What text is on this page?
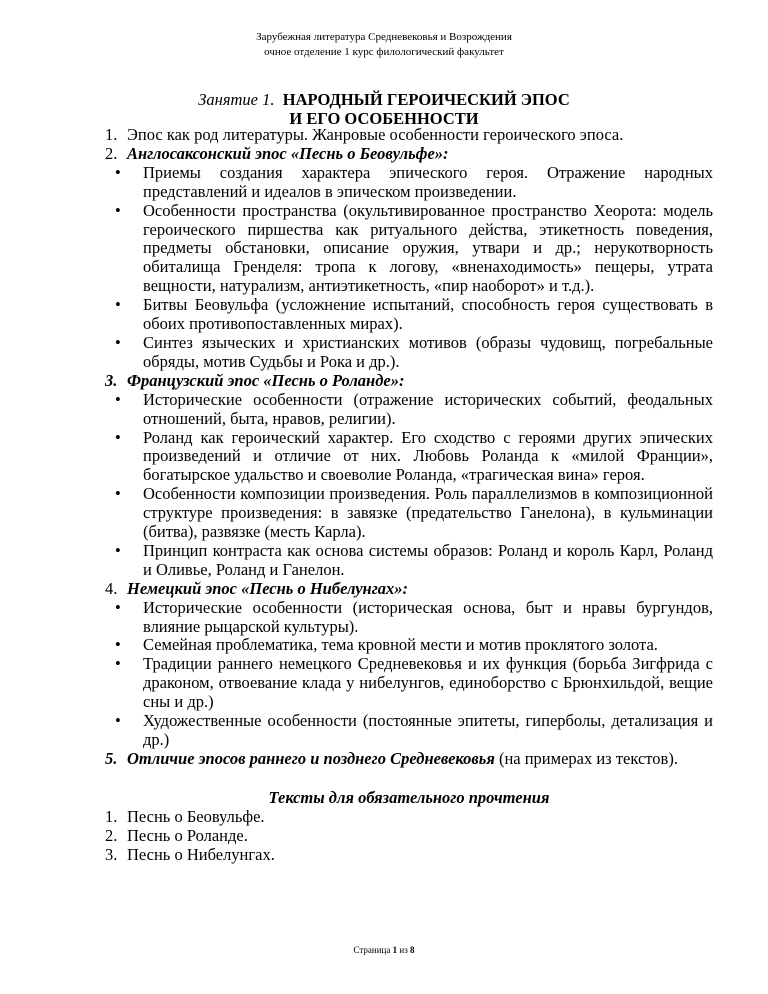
Зарубежная литература Средневековья и Возрождения
очное отделение 1 курс филологический факультет
Занятие 1. НАРОДНЫЙ ГЕРОИЧЕСКИЙ ЭПОС
И ЕГО ОСОБЕННОСТИ
1. Эпос как род литературы. Жанровые особенности героического эпоса.
2. Англосаксонский эпос «Песнь о Беовульфе»:
•	Приемы создания характера эпического героя. Отражение народных представлений и идеалов в эпическом произведении.
•	Особенности пространства (окультивированное пространство Хеорота: модель героического пиршества как ритуального действа, этикетность поведения, предметы обстановки, описание оружия, утвари и др.; нерукотворность обиталища Гренделя: тропа к логову, «вненаходимость» пещеры, утрата вещности, натурализм, антиэтикетность, «пир наоборот» и т.д.).
•	Битвы Беовульфа (усложнение испытаний, способность героя существовать в обоих противопоставленных мирах).
•	Синтез языческих и христианских мотивов (образы чудовищ, погребальные обряды, мотив Судьбы и Рока и др.).
3. Французский эпос «Песнь о Роланде»:
•	Исторические особенности (отражение исторических событий, феодальных отношений, быта, нравов, религии).
•	Роланд как героический характер. Его сходство с героями других эпических произведений и отличие от них. Любовь Роланда к «милой Франции», богатырское удальство и своеволие Роланда, «трагическая вина» героя.
•	Особенности композиции произведения. Роль параллелизмов в композиционной структуре произведения: в завязке (предательство Ганелона), в кульминации (битва), развязке (месть Карла).
•	Принцип контраста как основа системы образов: Роланд и король Карл, Роланд и Оливье, Роланд и Ганелон.
4. Немецкий эпос «Песнь о Нибелунгах»:
•	Исторические особенности (историческая основа, быт и нравы бургундов, влияние рыцарской культуры).
•	Семейная проблематика, тема кровной мести и мотив проклятого золота.
•	Традиции раннего немецкого Средневековья и их функция (борьба Зигфрида с драконом, отвоевание клада у нибелунгов, единоборство с Брюнхильдой, вещие сны и др.)
•	Художественные особенности (постоянные эпитеты, гиперболы, детализация и др.)
5. Отличие эпосов раннего и позднего Средневековья (на примерах из текстов).
Тексты для обязательного прочтения
1. Песнь о Беовульфе.
2. Песнь о Роланде.
3. Песнь о Нибелунгах.
Страница 1 из 8
